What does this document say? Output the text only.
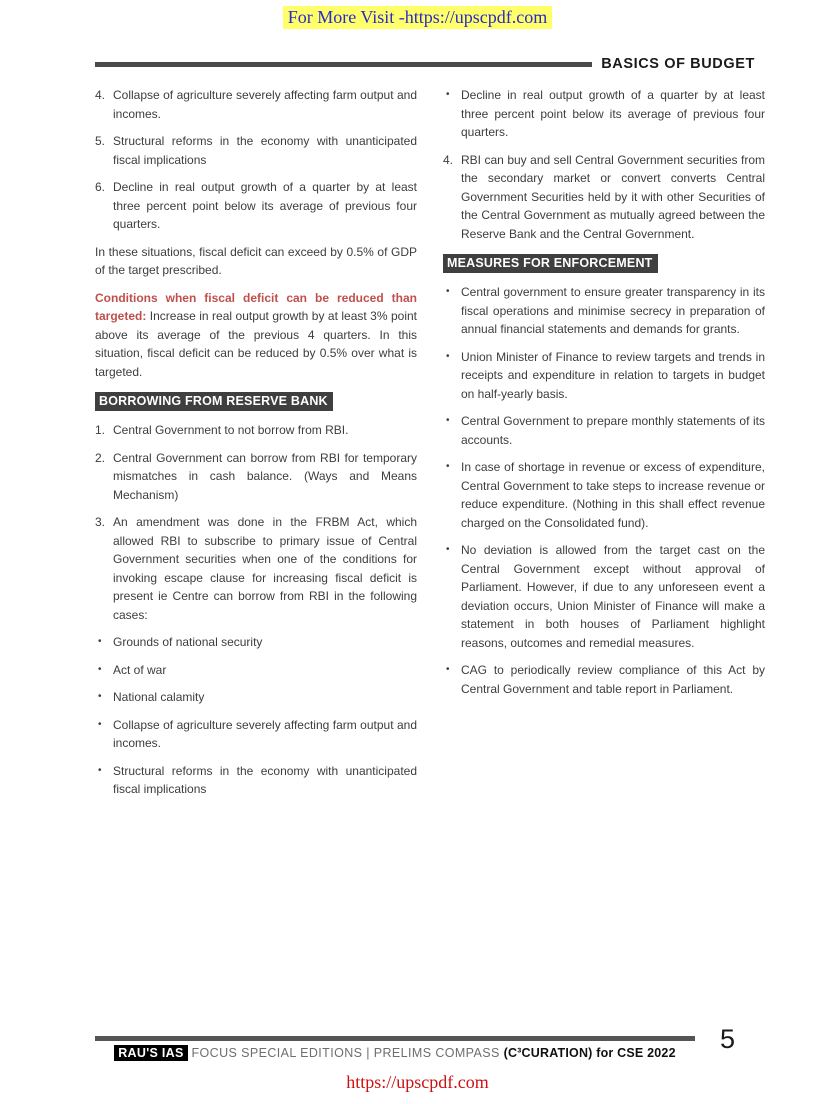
For More Visit -https://upscpdf.com
BASICS OF BUDGET
4. Collapse of agriculture severely affecting farm output and incomes.
5. Structural reforms in the economy with unanticipated fiscal implications
6. Decline in real output growth of a quarter by at least three percent point below its average of previous four quarters.
In these situations, fiscal deficit can exceed by 0.5% of GDP of the target prescribed.
Conditions when fiscal deficit can be reduced than targeted: Increase in real output growth by at least 3% point above its average of the previous 4 quarters. In this situation, fiscal deficit can be reduced by 0.5% over what is targeted.
BORROWING FROM RESERVE BANK
1. Central Government to not borrow from RBI.
2. Central Government can borrow from RBI for temporary mismatches in cash balance. (Ways and Means Mechanism)
3. An amendment was done in the FRBM Act, which allowed RBI to subscribe to primary issue of Central Government securities when one of the conditions for invoking escape clause for increasing fiscal deficit is present ie Centre can borrow from RBI in the following cases:
• Grounds of national security
• Act of war
• National calamity
• Collapse of agriculture severely affecting farm output and incomes.
• Structural reforms in the economy with unanticipated fiscal implications
• Decline in real output growth of a quarter by at least three percent point below its average of previous four quarters.
4. RBI can buy and sell Central Government securities from the secondary market or convert converts Central Government Securities held by it with other Securities of the Central Government as mutually agreed between the Reserve Bank and the Central Government.
MEASURES FOR ENFORCEMENT
• Central government to ensure greater transparency in its fiscal operations and minimise secrecy in preparation of annual financial statements and demands for grants.
• Union Minister of Finance to review targets and trends in receipts and expenditure in relation to targets in budget on half-yearly basis.
• Central Government to prepare monthly statements of its accounts.
• In case of shortage in revenue or excess of expenditure, Central Government to take steps to increase revenue or reduce expenditure. (Nothing in this shall effect revenue charged on the Consolidated fund).
• No deviation is allowed from the target cast on the Central Government except without approval of Parliament. However, if due to any unforeseen event a deviation occurs, Union Minister of Finance will make a statement in both houses of Parliament highlight reasons, outcomes and remedial measures.
• CAG to periodically review compliance of this Act by Central Government and table report in Parliament.
5
RAU'S IAS FOCUS SPECIAL EDITIONS | PRELIMS COMPASS (C³CURATION) for CSE 2022
https://upscpdf.com
